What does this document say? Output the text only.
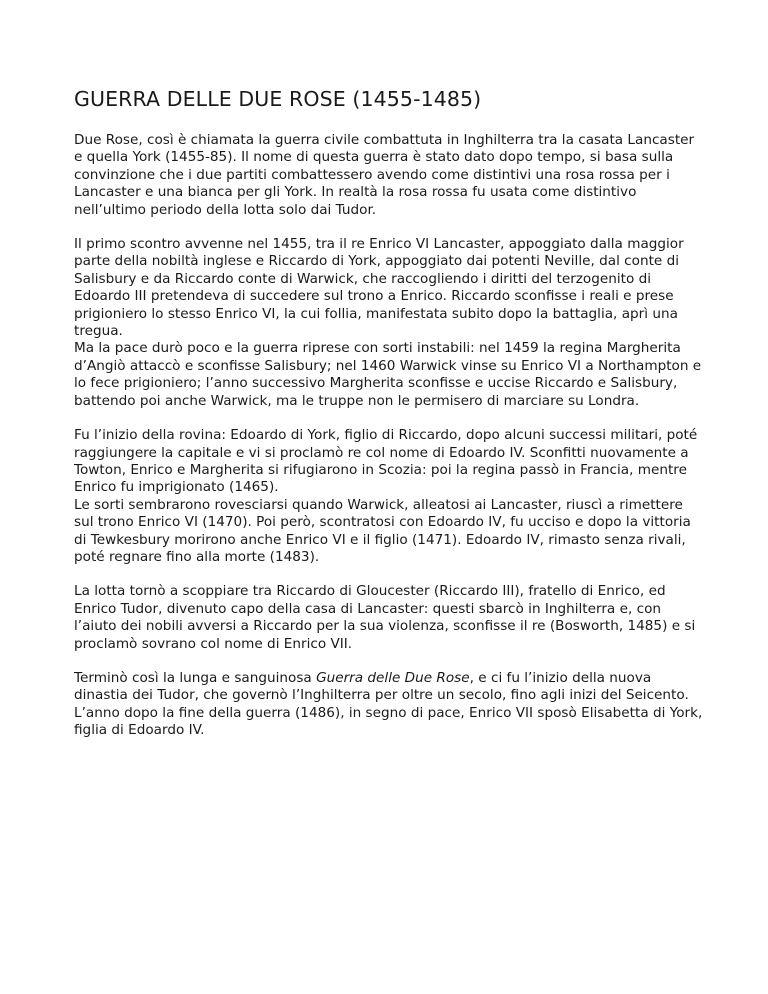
GUERRA DELLE DUE ROSE (1455-1485)

Due Rose, così è chiamata la guerra civile combattuta in Inghilterra tra la casata Lancaster e quella York (1455-85). Il nome di questa guerra è stato dato dopo tempo, si basa sulla convinzione che i due partiti combattessero avendo come distintivi una rosa rossa per i Lancaster e una bianca per gli York. In realtà la rosa rossa fu usata come distintivo nell’ultimo periodo della lotta solo dai Tudor.

Il primo scontro avvenne nel 1455, tra il re Enrico VI Lancaster, appoggiato dalla maggior parte della nobiltà inglese e Riccardo di York, appoggiato dai potenti Neville, dal conte di Salisbury e da Riccardo conte di Warwick, che raccogliendo i diritti del terzogenito di Edoardo III pretendeva di succedere sul trono a Enrico. Riccardo sconfisse i reali e prese prigioniero lo stesso Enrico VI, la cui follia, manifestata subito dopo la battaglia, aprì una tregua.

Ma la pace durò poco e la guerra riprese con sorti instabili: nel 1459 la regina Margherita d’Angiò attaccò e sconfisse Salisbury; nel 1460 Warwick vinse su Enrico VI a Northampton e lo fece prigioniero; l’anno successivo Margherita sconfisse e uccise Riccardo e Salisbury, battendo poi anche Warwick, ma le truppe non le permisero di marciare su Londra.

Fu l’inizio della rovina: Edoardo di York, figlio di Riccardo, dopo alcuni successi militari, poté raggiungere la capitale e vi si proclamò re col nome di Edoardo IV. Sconfitti nuovamente a Towton, Enrico e Margherita si rifugiarono in Scozia: poi la regina passò in Francia, mentre Enrico fu imprigionato (1465).

Le sorti sembrarono rovesciarsi quando Warwick, alleatosi ai Lancaster, riuscì a rimettere sul trono Enrico VI (1470). Poi però, scontratosi con Edoardo IV, fu ucciso e dopo la vittoria di Tewkesbury morirono anche Enrico VI e il figlio (1471). Edoardo IV, rimasto senza rivali, poté regnare fino alla morte (1483).

La lotta tornò a scoppiare tra Riccardo di Gloucester (Riccardo III), fratello di Enrico, ed Enrico Tudor, divenuto capo della casa di Lancaster: questi sbarcò in Inghilterra e, con l’aiuto dei nobili avversi a Riccardo per la sua violenza, sconfisse il re (Bosworth, 1485) e si proclamò sovrano col nome di Enrico VII.

Terminò così la lunga e sanguinosa Guerra delle Due Rose, e ci fu l’inizio della nuova dinastia dei Tudor, che governò l’Inghilterra per oltre un secolo, fino agli inizi del Seicento.

L’anno dopo la fine della guerra (1486), in segno di pace, Enrico VII sposò Elisabetta di York, figlia di Edoardo IV.
